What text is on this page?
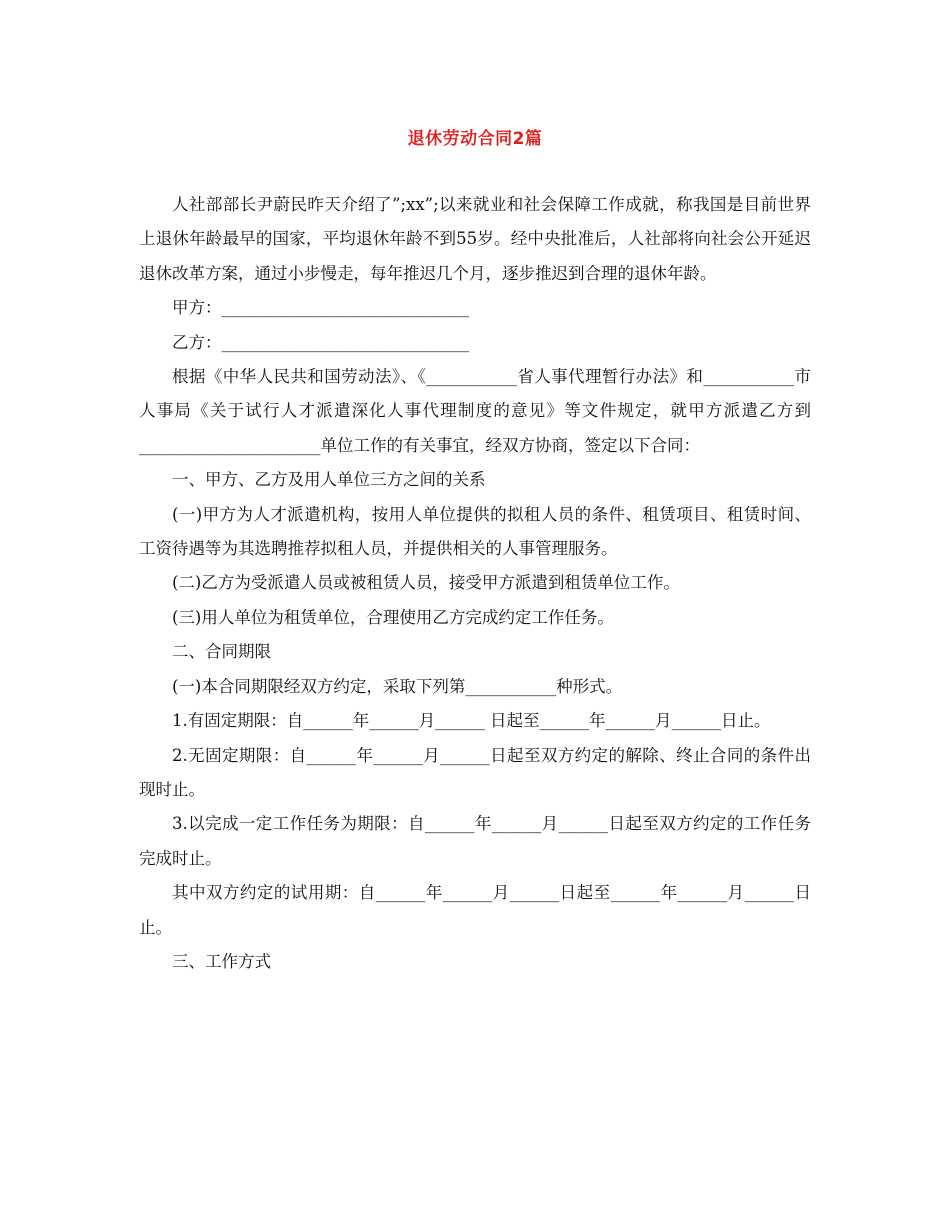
退休劳动合同2篇

人社部部长尹蔚民昨天介绍了”;xx”;以来就业和社会保障工作成就，称我国是目前世界上退休年龄最早的国家，平均退休年龄不到55岁。经中央批准后，人社部将向社会公开延迟退休改革方案，通过小步慢走，每年推迟几个月，逐步推迟到合理的退休年龄。

甲方：______________________________

乙方：______________________________

根据《中华人民共和国劳动法》、《___________省人事代理暂行办法》和___________市人事局《关于试行人才派遣深化人事代理制度的意见》等文件规定，就甲方派遣乙方到______________________单位工作的有关事宜，经双方协商，签定以下合同：

一、甲方、乙方及用人单位三方之间的关系

(一)甲方为人才派遣机构，按用人单位提供的拟租人员的条件、租赁项目、租赁时间、工资待遇等为其选聘推荐拟租人员，并提供相关的人事管理服务。

(二)乙方为受派遣人员或被租赁人员，接受甲方派遣到租赁单位工作。

(三)用人单位为租赁单位，合理使用乙方完成约定工作任务。

二、合同期限

(一)本合同期限经双方约定，采取下列第___________种形式。

1.有固定期限：自______年______月______ 日起至______年______月______日止。

2.无固定期限：自______年______月______日起至双方约定的解除、终止合同的条件出现时止。

3.以完成一定工作任务为期限：自______年______月______日起至双方约定的工作任务完成时止。

其中双方约定的试用期：自______年______月______日起至______年______月______日止。

三、工作方式
